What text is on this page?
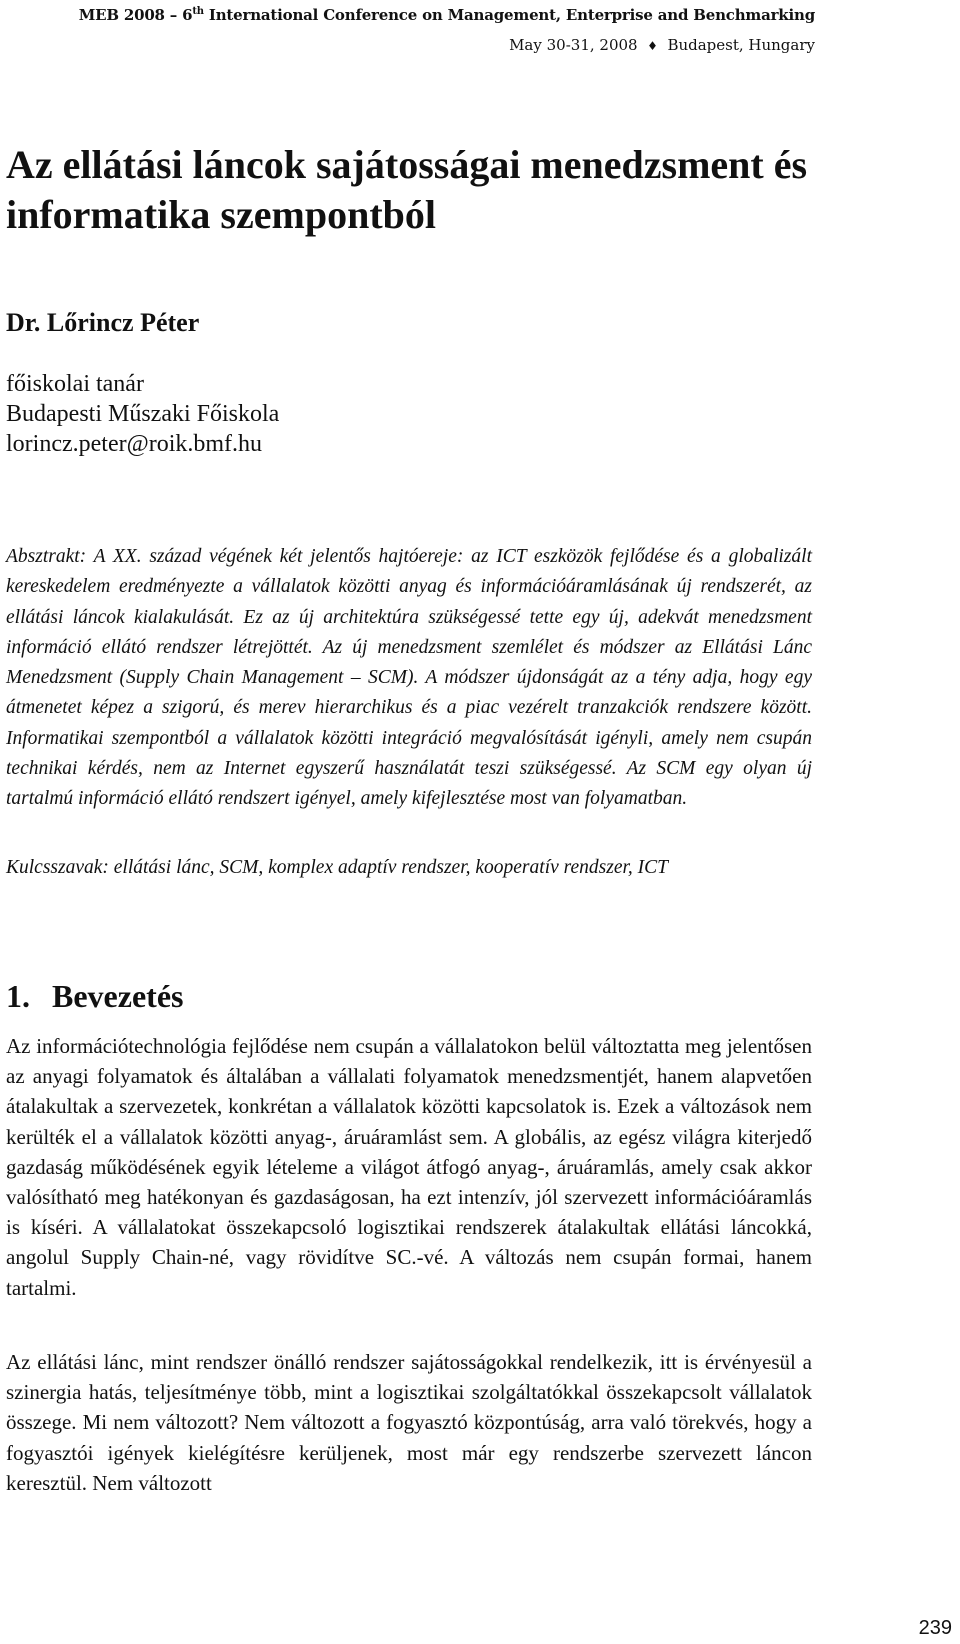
MEB 2008 – 6th International Conference on Management, Enterprise and Benchmarking
May 30-31, 2008 ♦ Budapest, Hungary
Az ellátási láncok sajátosságai menedzsment és
informatika szempontból

Dr. Lőrincz Péter

főiskolai tanár

Budapesti Műszaki Főiskola

lorincz.peter@roik.bmf.hu

Absztrakt: A XX. század végének két jelentős hajtóereje: az ICT eszközök fejlődése és a globalizált kereskedelem eredményezte a vállalatok közötti anyag és információáramlásának új rendszerét, az ellátási láncok kialakulását. Ez az új architektúra szükségessé tette egy új, adekvát menedzsment információ ellátó rendszer létrejöttét. Az új menedzsment szemlélet és módszer az Ellátási Lánc Menedzsment (Supply Chain Management – SCM). A módszer újdonságát az a tény adja, hogy egy átmenetet képez a szigorú, és merev hierarchikus és a piac vezérelt tranzakciók rendszere között. Informatikai szempontból a vállalatok közötti integráció megvalósítását igényli, amely nem csupán technikai kérdés, nem az Internet egyszerű használatát teszi szükségessé. Az SCM egy olyan új tartalmú információ ellátó rendszert igényel, amely kifejlesztése most van folyamatban.

Kulcsszavak: ellátási lánc, SCM, komplex adaptív rendszer, kooperatív rendszer, ICT

1. Bevezetés

Az információtechnológia fejlődése nem csupán a vállalatokon belül változtatta meg jelentősen az anyagi folyamatok és általában a vállalati folyamatok menedzsmentjét, hanem alapvetően átalakultak a szervezetek, konkrétan a vállalatok közötti kapcsolatok is. Ezek a változások nem kerülték el a vállalatok közötti anyag-, áruáramlást sem. A globális, az egész világra kiterjedő gazdaság működésének egyik lételeme a világot átfogó anyag-, áruáramlás, amely csak akkor valósítható meg hatékonyan és gazdaságosan, ha ezt intenzív, jól szervezett információáramlás is kíséri. A vállalatokat összekapcsoló logisztikai rendszerek átalakultak ellátási láncokká, angolul Supply Chain-né, vagy rövidítve SC.-vé. A változás nem csupán formai, hanem tartalmi.

Az ellátási lánc, mint rendszer önálló rendszer sajátosságokkal rendelkezik, itt is érvényesül a szinergia hatás, teljesítménye több, mint a logisztikai szolgáltatókkal összekapcsolt vállalatok összege. Mi nem változott? Nem változott a fogyasztó központúság, arra való törekvés, hogy a fogyasztói igények kielégítésre kerüljenek, most már egy rendszerbe szervezett láncon keresztül. Nem változott

239
